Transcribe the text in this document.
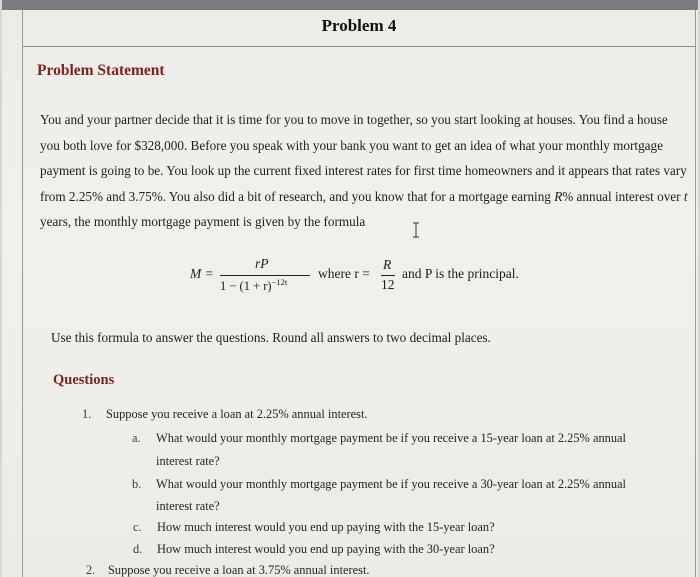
Problem 4
Problem Statement
You and your partner decide that it is time for you to move in together, so you start looking at houses. You find a house you both love for $328,000. Before you speak with your bank you want to get an idea of what your monthly mortgage payment is going to be. You look up the current fixed interest rates for first time homeowners and it appears that rates vary from 2.25% and 3.75%. You also did a bit of research, and you know that for a mortgage earning R% annual interest over t years, the monthly mortgage payment is given by the formula
M =
rP
$1 - (1 + r)^{-12t}$
where r =
R
12
and P is the principal.
Use this formula to answer the questions. Round all answers to two decimal places.
Questions
1. Suppose you receive a loan at 2.25% annual interest.
a. What would your monthly mortgage payment be if you receive a 15-year loan at 2.25% annual
interest rate?
b. What would your monthly mortgage payment be if you receive a 30-year loan at 2.25% annual
interest rate?
c. How much interest would you end up paying with the 15-year loan?
d. How much interest would you end up paying with the 30-year loan?
2. Suppose you receive a loan at 3.75% annual interest.
